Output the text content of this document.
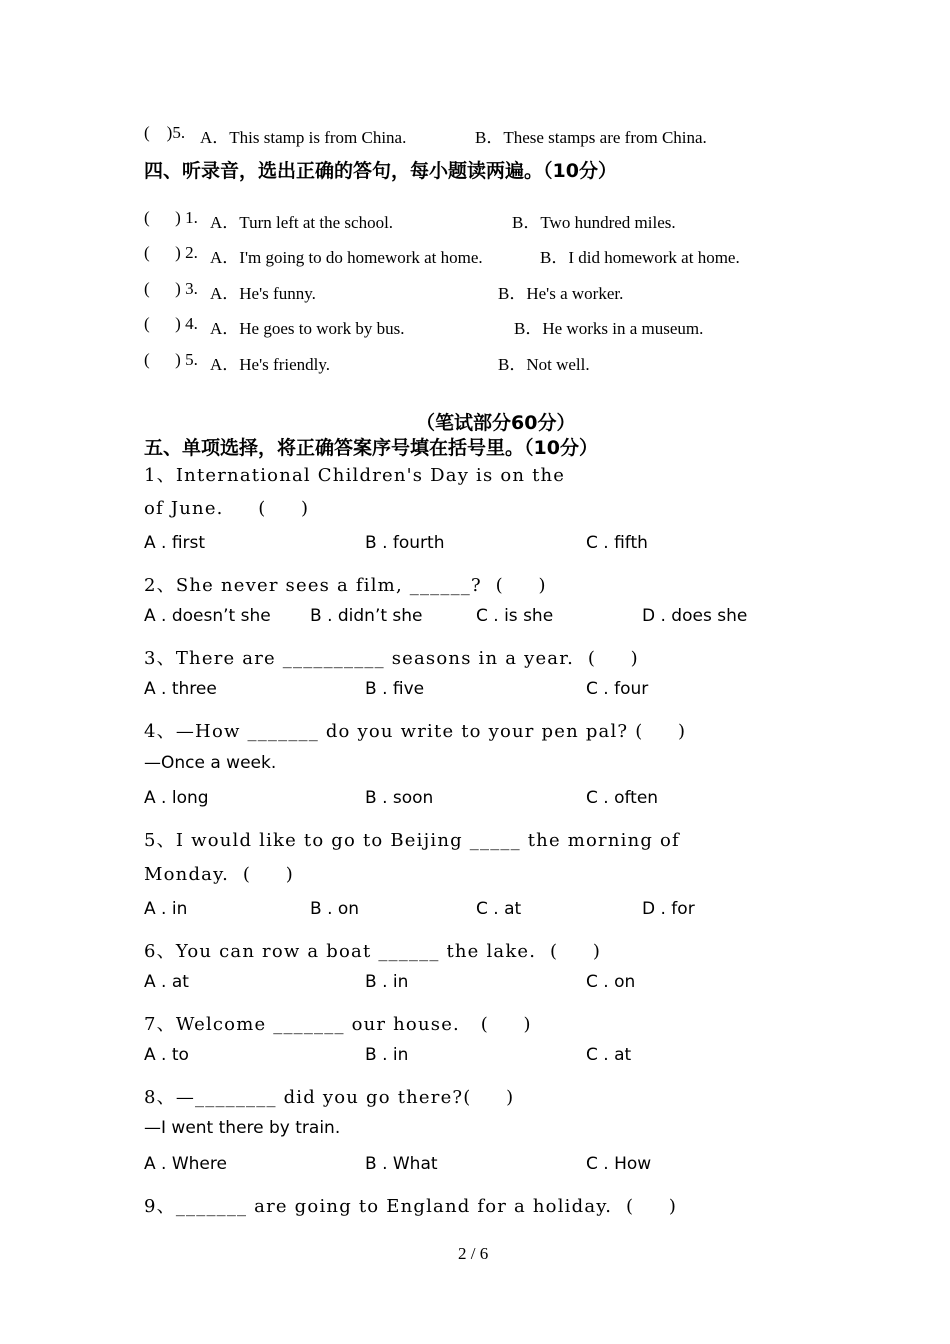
(    )5. A．This stamp is from China.	B．These stamps are from China.
四、听录音，选出正确的答句，每小题读两遍。（10分）
(      ) 1. A．Turn left at the school.	B．Two hundred miles.
(      ) 2. A．I'm going to do homework at home.	B．I did homework at home.
(      ) 3. A．He's funny.	B．He's a worker.
(      ) 4. A．He goes to work by bus.	B．He works in a museum.
(      ) 5. A．He's friendly.	B．Not well.
（笔试部分60分）
五、单项选择，将正确答案序号填在括号里。（10分）
1、International Children's Day is on the
of June.     (     )
A . first	B . fourth	C . fifth
2、She never sees a film, ______?  (     )
A . doesn’t she B . didn’t she	C . is she	D . does she
3、There are __________ seasons in a year.  (     )
A . three	B . five	C . four
4、—How _______ do you write to your pen pal? (     )
—Once a week.
A . long	B . soon	C . often
5、I would like to go to Beijing _____ the morning of
Monday.  (     )
A . in	B . on	C . at	D . for
6、You can row a boat ______ the lake.  (     )
A . at	B . in	C . on
7、Welcome _______ our house.   (     )
A . to	B . in	C . at
8、—________ did you go there?(     )
—I went there by train.
A . Where	B . What	C . How
9、_______ are going to England for a holiday.  (     )
2 / 6
